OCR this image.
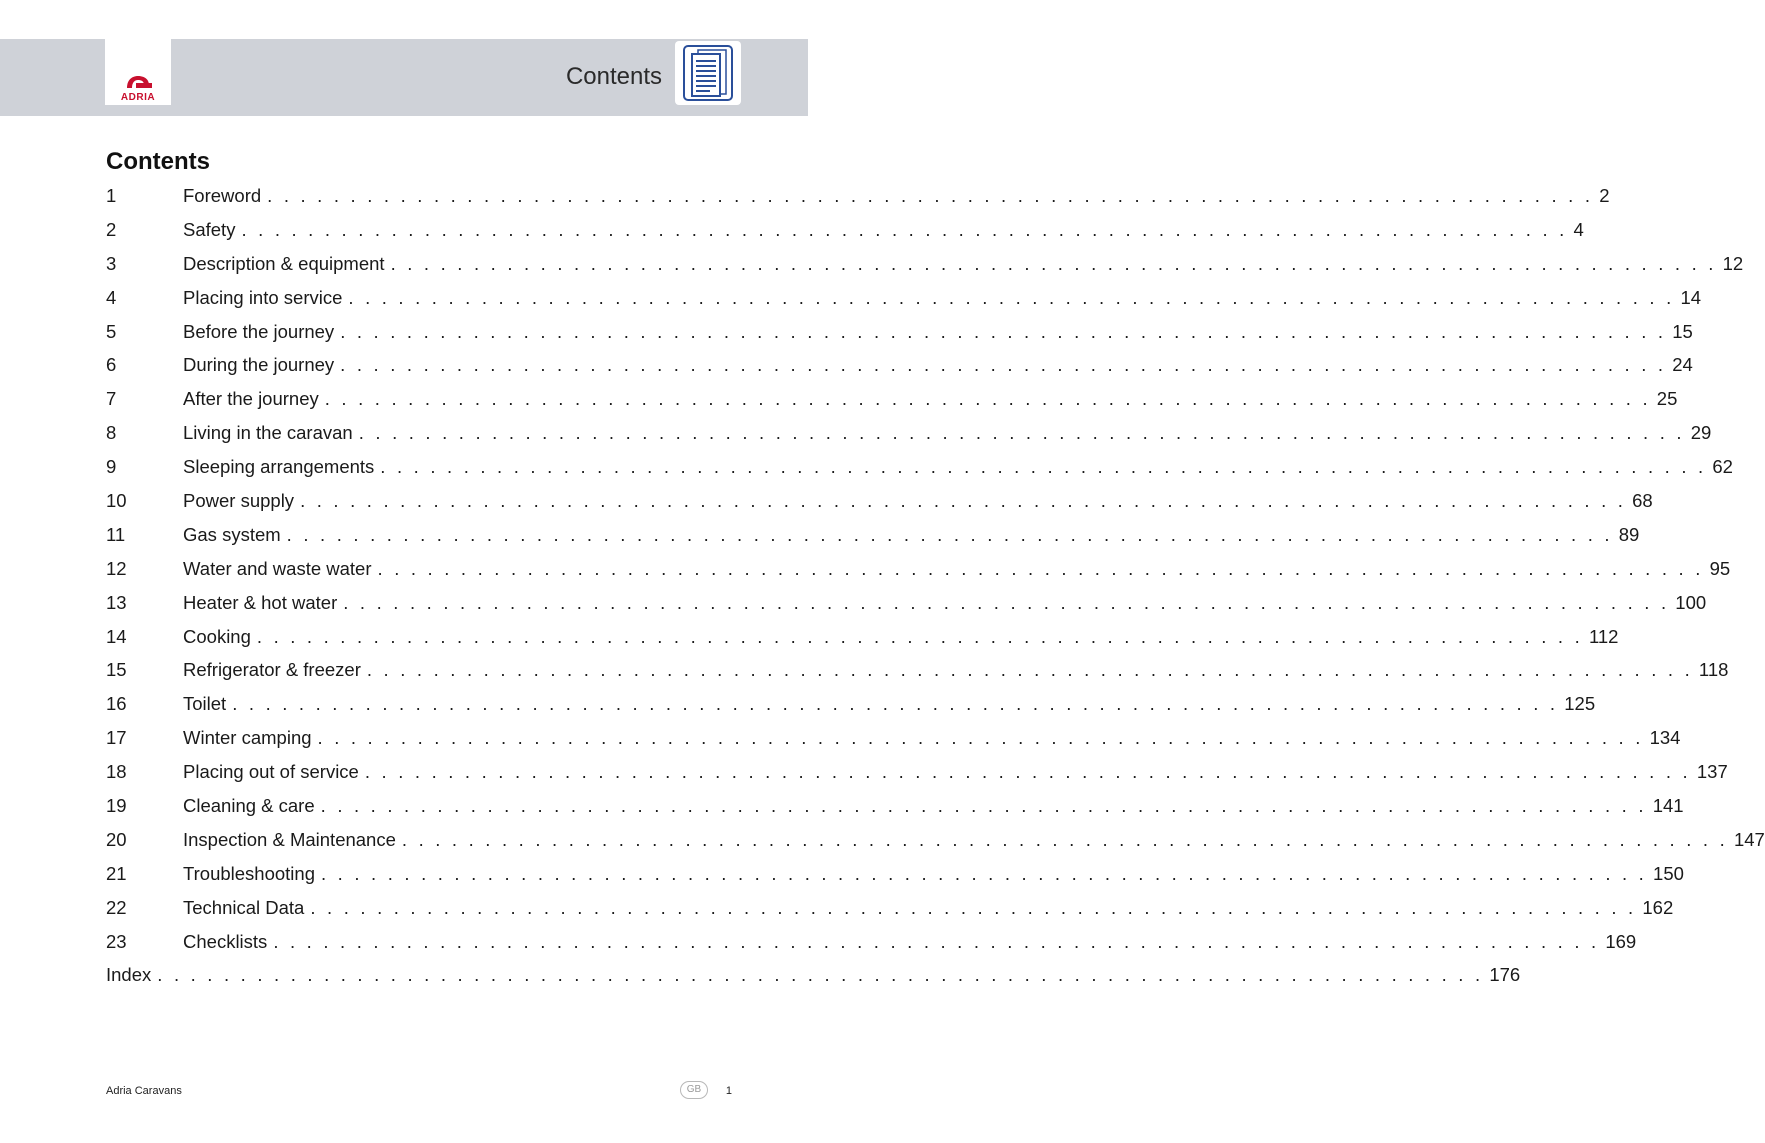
ADRIA
Contents
Contents
1	Foreword . . . . . . . . . . . . . . . . . . . . . . . . . . . . . . . . . . . . . . . . . . . . . . . . . . . . . . . . . . . . . . . . . . . . . . . . . . . . . . . . 2
2	Safety . . . . . . . . . . . . . . . . . . . . . . . . . . . . . . . . . . . . . . . . . . . . . . . . . . . . . . . . . . . . . . . . . . . . . . . . . . . . . . . . 4
3	Description & equipment . . . . . . . . . . . . . . . . . . . . . . . . . . . . . . . . . . . . . . . . . . . . . . . . . . . . . . . . . . . . . . . . . . . . . . . . . . . . . . . . 12
4	Placing into service . . . . . . . . . . . . . . . . . . . . . . . . . . . . . . . . . . . . . . . . . . . . . . . . . . . . . . . . . . . . . . . . . . . . . . . . . . . . . . . . 14
5	Before the journey . . . . . . . . . . . . . . . . . . . . . . . . . . . . . . . . . . . . . . . . . . . . . . . . . . . . . . . . . . . . . . . . . . . . . . . . . . . . . . . . 15
6	During the journey . . . . . . . . . . . . . . . . . . . . . . . . . . . . . . . . . . . . . . . . . . . . . . . . . . . . . . . . . . . . . . . . . . . . . . . . . . . . . . . . 24
7	After the journey . . . . . . . . . . . . . . . . . . . . . . . . . . . . . . . . . . . . . . . . . . . . . . . . . . . . . . . . . . . . . . . . . . . . . . . . . . . . . . . . 25
8	Living in the caravan . . . . . . . . . . . . . . . . . . . . . . . . . . . . . . . . . . . . . . . . . . . . . . . . . . . . . . . . . . . . . . . . . . . . . . . . . . . . . . . . 29
9	Sleeping arrangements . . . . . . . . . . . . . . . . . . . . . . . . . . . . . . . . . . . . . . . . . . . . . . . . . . . . . . . . . . . . . . . . . . . . . . . . . . . . . . . . 62
10	Power supply . . . . . . . . . . . . . . . . . . . . . . . . . . . . . . . . . . . . . . . . . . . . . . . . . . . . . . . . . . . . . . . . . . . . . . . . . . . . . . . . 68
11	Gas system . . . . . . . . . . . . . . . . . . . . . . . . . . . . . . . . . . . . . . . . . . . . . . . . . . . . . . . . . . . . . . . . . . . . . . . . . . . . . . . . 89
12	Water and waste water . . . . . . . . . . . . . . . . . . . . . . . . . . . . . . . . . . . . . . . . . . . . . . . . . . . . . . . . . . . . . . . . . . . . . . . . . . . . . . . . 95
13	Heater & hot water . . . . . . . . . . . . . . . . . . . . . . . . . . . . . . . . . . . . . . . . . . . . . . . . . . . . . . . . . . . . . . . . . . . . . . . . . . . . . . . . 100
14	Cooking . . . . . . . . . . . . . . . . . . . . . . . . . . . . . . . . . . . . . . . . . . . . . . . . . . . . . . . . . . . . . . . . . . . . . . . . . . . . . . . . 112
15	Refrigerator & freezer . . . . . . . . . . . . . . . . . . . . . . . . . . . . . . . . . . . . . . . . . . . . . . . . . . . . . . . . . . . . . . . . . . . . . . . . . . . . . . . . 118
16	Toilet . . . . . . . . . . . . . . . . . . . . . . . . . . . . . . . . . . . . . . . . . . . . . . . . . . . . . . . . . . . . . . . . . . . . . . . . . . . . . . . . 125
17	Winter camping . . . . . . . . . . . . . . . . . . . . . . . . . . . . . . . . . . . . . . . . . . . . . . . . . . . . . . . . . . . . . . . . . . . . . . . . . . . . . . . . 134
18	Placing out of service . . . . . . . . . . . . . . . . . . . . . . . . . . . . . . . . . . . . . . . . . . . . . . . . . . . . . . . . . . . . . . . . . . . . . . . . . . . . . . . . 137
19	Cleaning & care . . . . . . . . . . . . . . . . . . . . . . . . . . . . . . . . . . . . . . . . . . . . . . . . . . . . . . . . . . . . . . . . . . . . . . . . . . . . . . . . 141
20	Inspection & Maintenance . . . . . . . . . . . . . . . . . . . . . . . . . . . . . . . . . . . . . . . . . . . . . . . . . . . . . . . . . . . . . . . . . . . . . . . . . . . . . . . . 147
21	Troubleshooting . . . . . . . . . . . . . . . . . . . . . . . . . . . . . . . . . . . . . . . . . . . . . . . . . . . . . . . . . . . . . . . . . . . . . . . . . . . . . . . . 150
22	Technical Data . . . . . . . . . . . . . . . . . . . . . . . . . . . . . . . . . . . . . . . . . . . . . . . . . . . . . . . . . . . . . . . . . . . . . . . . . . . . . . . . 162
23	Checklists . . . . . . . . . . . . . . . . . . . . . . . . . . . . . . . . . . . . . . . . . . . . . . . . . . . . . . . . . . . . . . . . . . . . . . . . . . . . . . . . 169
Index . . . . . . . . . . . . . . . . . . . . . . . . . . . . . . . . . . . . . . . . . . . . . . . . . . . . . . . . . . . . . . . . . . . . . . . . . . . . . . . . 176
Adria Caravans	GB	1
